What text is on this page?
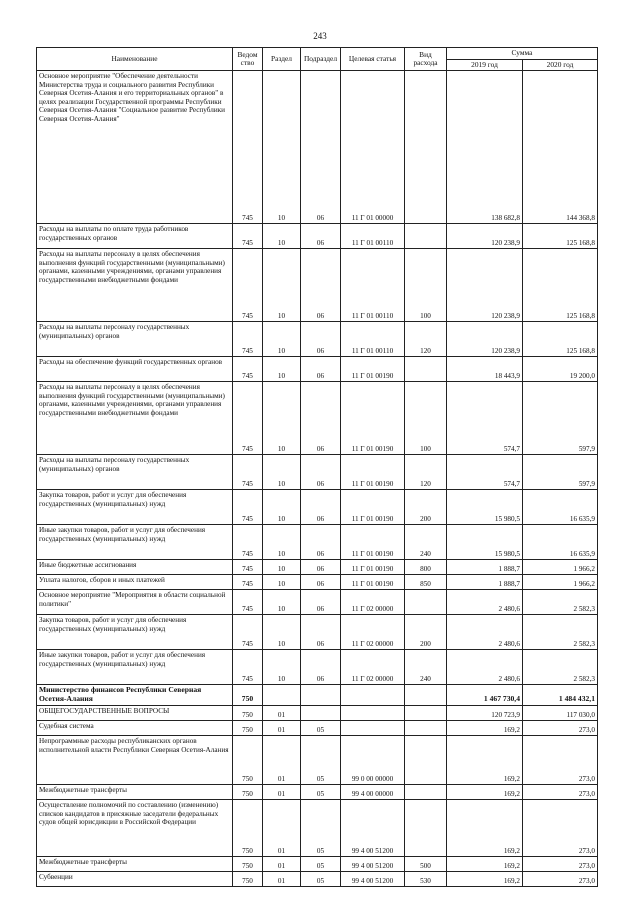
243
Наименование	Ведом ство	Раздел	Подраздел	Целевая статья	Вид расхода	Сумма	
						2019 год	2020 год
Основное мероприятие "Обеспечение деятельности Министерства труда и социального развития Республики Северная Осетия-Алания и его территориальных органов" в целях реализации Государственной программы Республики Северная Осетия-Алания "Социальное развитие Республики Северная Осетия-Алания"	745	10	06	11 Г 01 00000		138 682,8	144 368,8
Расходы на выплаты по оплате труда работников государственных органов	745	10	06	11 Г 01 00110		120 238,9	125 168,8
Расходы на выплаты персоналу в целях обеспечения выполнения функций государственными (муниципальными) органами, казенными учреждениями, органами управления государственными внебюджетными фондами	745	10	06	11 Г 01 00110	100	120 238,9	125 168,8
Расходы на выплаты персоналу государственных (муниципальных) органов	745	10	06	11 Г 01 00110	120	120 238,9	125 168,8
Расходы на обеспечение функций государственных органов	745	10	06	11 Г 01 00190		18 443,9	19 200,0
Расходы на выплаты персоналу в целях обеспечения выполнения функций государственными (муниципальными) органами, казенными учреждениями, органами управления государственными внебюджетными фондами	745	10	06	11 Г 01 00190	100	574,7	597,9
Расходы на выплаты персоналу государственных (муниципальных) органов	745	10	06	11 Г 01 00190	120	574,7	597,9
Закупка товаров, работ и услуг для обеспечения государственных (муниципальных) нужд	745	10	06	11 Г 01 00190	200	15 980,5	16 635,9
Иные закупки товаров, работ и услуг для обеспечения государственных (муниципальных) нужд	745	10	06	11 Г 01 00190	240	15 980,5	16 635,9
Иные бюджетные ассигнования	745	10	06	11 Г 01 00190	800	1 888,7	1 966,2
Уплата налогов, сборов и иных платежей	745	10	06	11 Г 01 00190	850	1 888,7	1 966,2
Основное мероприятие "Мероприятия в области социальной политики"	745	10	06	11 Г 02 00000		2 480,6	2 582,3
Закупка товаров, работ и услуг для обеспечения государственных (муниципальных) нужд	745	10	06	11 Г 02 00000	200	2 480,6	2 582,3
Иные закупки товаров, работ и услуг для обеспечения государственных (муниципальных) нужд	745	10	06	11 Г 02 00000	240	2 480,6	2 582,3
Министерство финансов Республики Северная Осетия-Алания	750					1 467 730,4	1 484 432,1
ОБЩЕГОСУДАРСТВЕННЫЕ ВОПРОСЫ	750	01				120 723,9	117 030,0
Судебная система	750	01	05			169,2	273,0
Непрограммные расходы республиканских органов исполнительной власти Республики Северная Осетия-Алания	750	01	05	99 0 00 00000		169,2	273,0
Межбюджетные трансферты	750	01	05	99 4 00 00000		169,2	273,0
Осуществление полномочий по составлению (изменению) списков кандидатов в присяжные заседатели федеральных судов общей юрисдикции в Российской Федерации	750	01	05	99 4 00 51200		169,2	273,0
Межбюджетные трансферты	750	01	05	99 4 00 51200	500	169,2	273,0
Субвенции	750	01	05	99 4 00 51200	530	169,2	273,0
